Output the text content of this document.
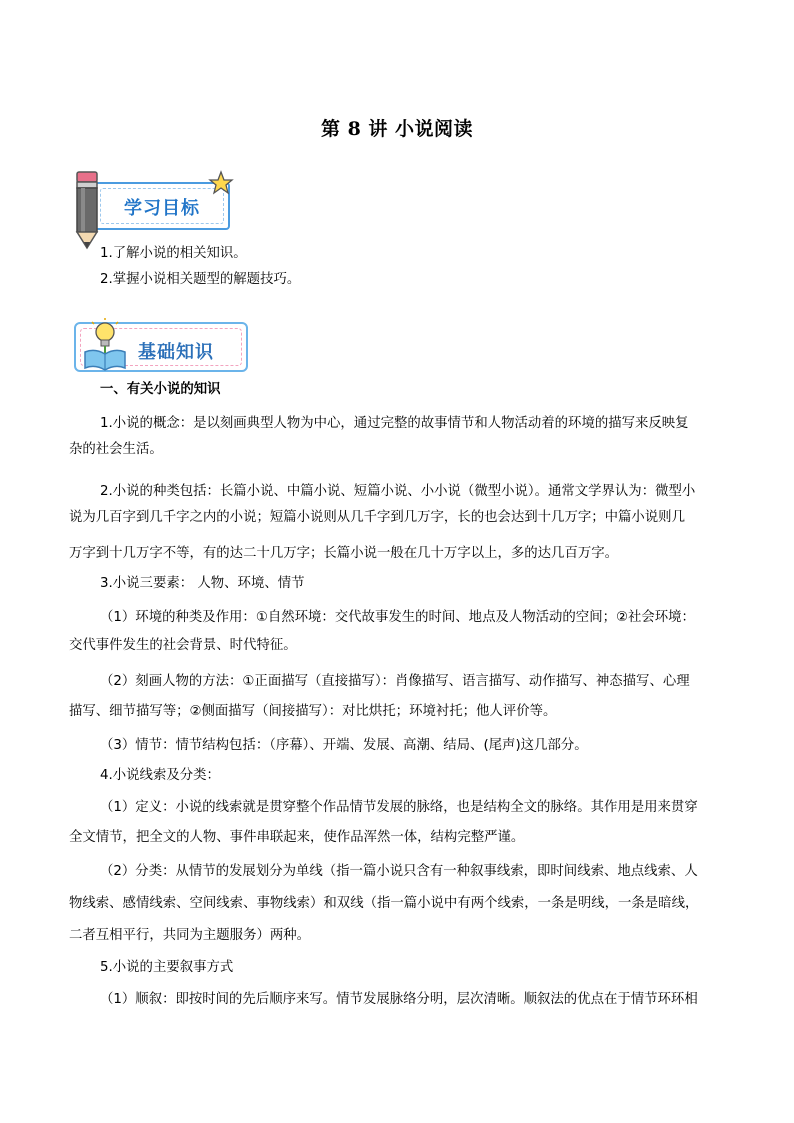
第 8 讲 小说阅读
学习目标
1.了解小说的相关知识。
2.掌握小说相关题型的解题技巧。
基础知识
一、有关小说的知识
1.小说的概念：是以刻画典型人物为中心，通过完整的故事情节和人物活动着的环境的描写来反映复
杂的社会生活。
2.小说的种类包括：长篇小说、中篇小说、短篇小说、小小说（微型小说）。通常文学界认为：微型小
说为几百字到几千字之内的小说；短篇小说则从几千字到几万字，长的也会达到十几万字；中篇小说则几
万字到十几万字不等，有的达二十几万字；长篇小说一般在几十万字以上，多的达几百万字。
3.小说三要素： 人物、环境、情节
（1）环境的种类及作用：①自然环境：交代故事发生的时间、地点及人物活动的空间；②社会环境：
交代事件发生的社会背景、时代特征。
（2）刻画人物的方法：①正面描写（直接描写）：肖像描写、语言描写、动作描写、神态描写、心理
描写、细节描写等；②侧面描写（间接描写）：对比烘托；环境衬托；他人评价等。
（3）情节：情节结构包括：（序幕）、开端、发展、高潮、结局、(尾声)这几部分。
4.小说线索及分类：
（1）定义：小说的线索就是贯穿整个作品情节发展的脉络，也是结构全文的脉络。其作用是用来贯穿
全文情节，把全文的人物、事件串联起来，使作品浑然一体，结构完整严谨。
（2）分类：从情节的发展划分为单线（指一篇小说只含有一种叙事线索，即时间线索、地点线索、人
物线索、感情线索、空间线索、事物线索）和双线（指一篇小说中有两个线索，一条是明线，一条是暗线，
二者互相平行，共同为主题服务）两种。
5.小说的主要叙事方式
（1）顺叙：即按时间的先后顺序来写。情节发展脉络分明，层次清晰。顺叙法的优点在于情节环环相
